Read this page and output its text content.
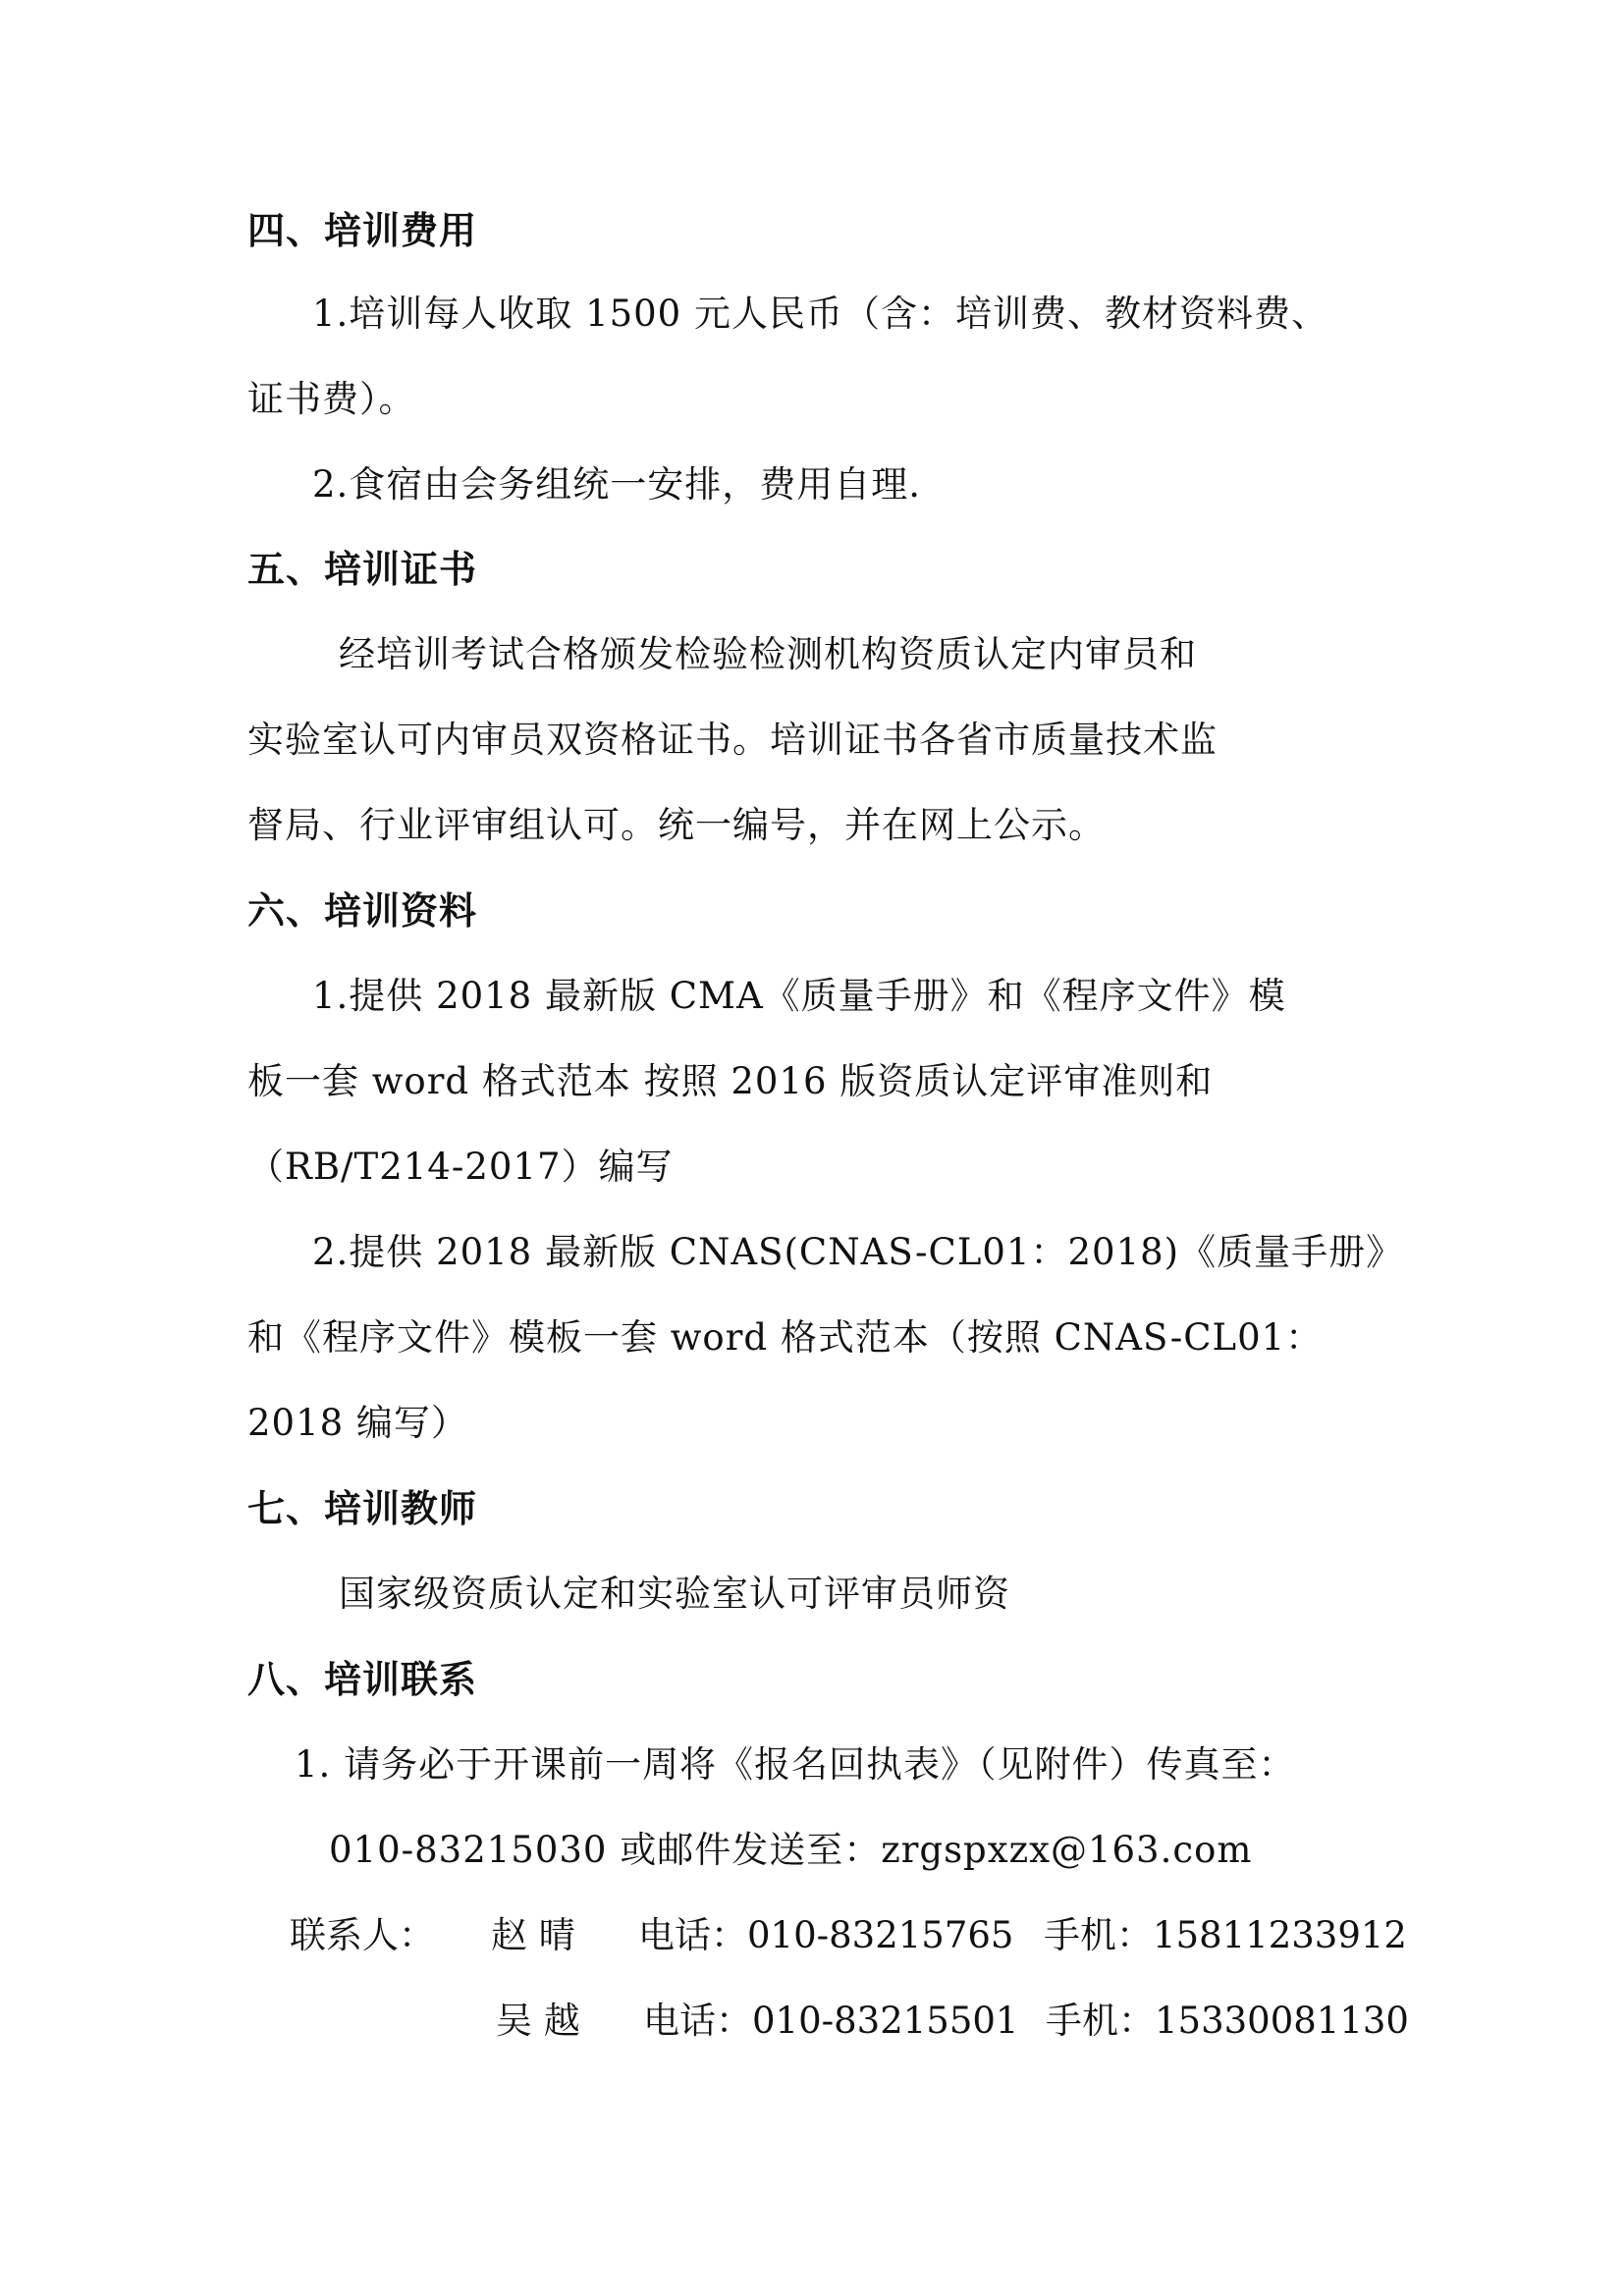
四、培训费用
1.培训每人收取 1500 元人民币（含：培训费、教材资料费、
证书费）。
2.食宿由会务组统一安排，费用自理.
五、培训证书
经培训考试合格颁发检验检测机构资质认定内审员和
实验室认可内审员双资格证书。培训证书各省市质量技术监
督局、行业评审组认可。统一编号，并在网上公示。
六、培训资料
1.提供 2018 最新版 CMA《质量手册》和《程序文件》模
板一套 word 格式范本 按照 2016 版资质认定评审准则和
（RB/T214-2017）编写
2.提供 2018 最新版 CNAS(CNAS-CL01：2018)《质量手册》
和《程序文件》模板一套 word 格式范本（按照 CNAS-CL01：
2018 编写）
七、培训教师
国家级资质认定和实验室认可评审员师资
八、培训联系
1. 请务必于开课前一周将《报名回执表》（见附件）传真至：
010-83215030 或邮件发送至：zrgspxzx@163.com
联系人： 赵 晴 电话：010-83215765 手机：15811233912
吴 越 电话：010-83215501 手机：15330081130
